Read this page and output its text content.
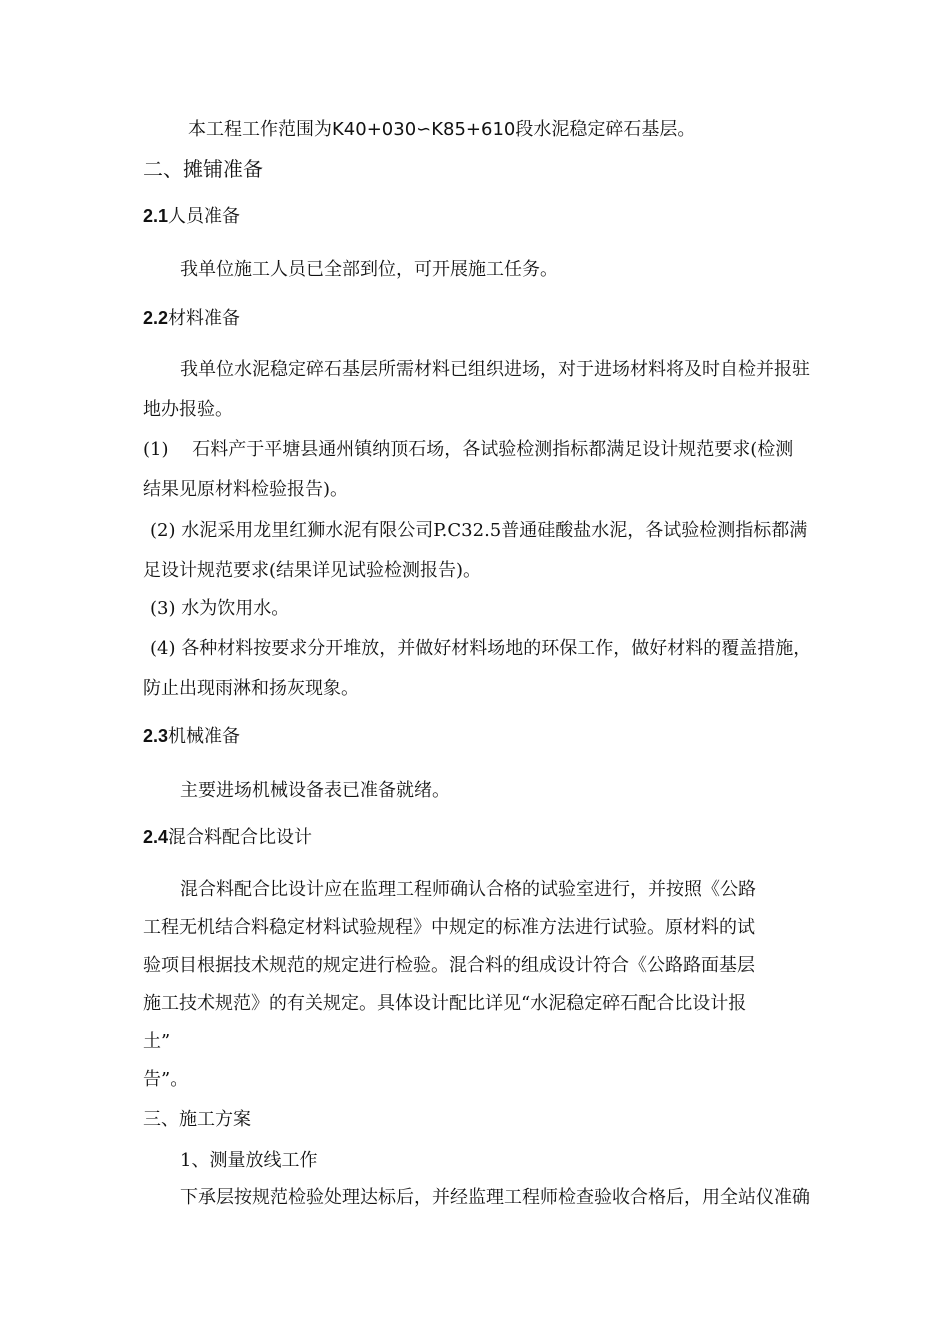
本工程工作范围为K40+030∽K85+610段水泥稳定碎石基层。
二、摊铺准备
2.1人员准备
我单位施工人员已全部到位，可开展施工任务。
2.2材料准备
我单位水泥稳定碎石基层所需材料已组织进场，对于进场材料将及时自检并报驻
地办报验。
(1)　 石料产于平塘县通州镇纳顶石场，各试验检测指标都满足设计规范要求(检测
结果见原材料检验报告)。
(2) 水泥采用龙里红狮水泥有限公司P.C32.5普通硅酸盐水泥，各试验检测指标都满
足设计规范要求(结果详见试验检测报告)。
(3) 水为饮用水。
(4) 各种材料按要求分开堆放，并做好材料场地的环保工作，做好材料的覆盖措施，
防止出现雨淋和扬灰现象。
2.3机械准备
主要进场机械设备表已准备就绪。
2.4混合料配合比设计
混合料配合比设计应在监理工程师确认合格的试验室进行，并按照《公路
工程无机结合料稳定材料试验规程》中规定的标准方法进行试验。原材料的试
验项目根据技术规范的规定进行检验。混合料的组成设计符合《公路路面基层
施工技术规范》的有关规定。具体设计配比详见“水泥稳定碎石配合比设计报
土”
告”。
三、施工方案
1、测量放线工作
下承层按规范检验处理达标后，并经监理工程师检查验收合格后，用全站仪准确
